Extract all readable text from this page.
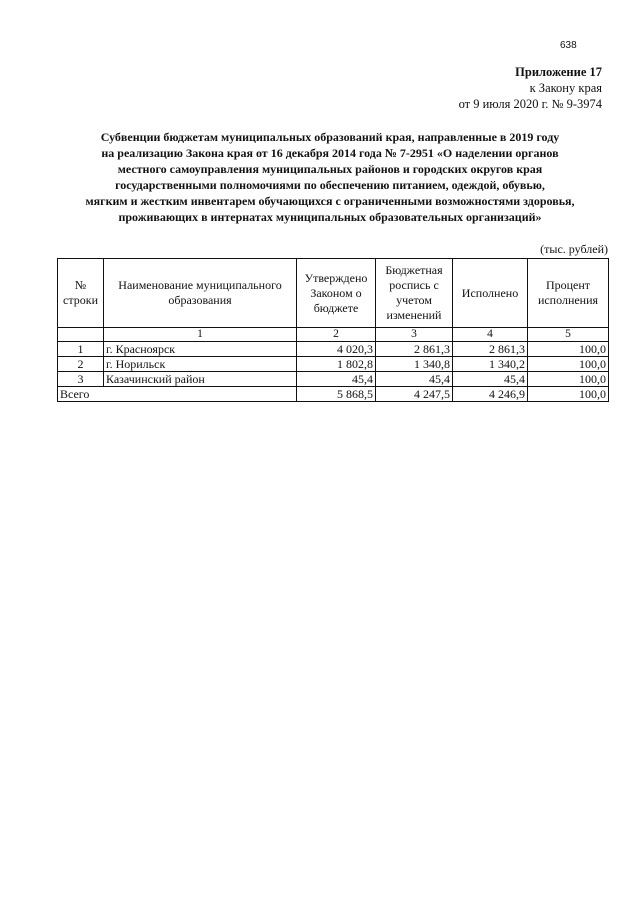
638
Приложение 17
к Закону края
от 9 июля 2020 г. № 9-3974
Субвенции бюджетам муниципальных образований края, направленные в 2019 году
на реализацию Закона края от 16 декабря 2014 года № 7-2951 «О наделении органов
местного самоуправления муниципальных районов и городских округов края
государственными полномочиями по обеспечению питанием, одеждой, обувью,
мягким и жестким инвентарем обучающихся с ограниченными возможностями здоровья,
проживающих в интернатах муниципальных образовательных организаций»
(тыс. рублей)
№ строки	Наименование муниципального образования	Утверждено Законом о бюджете	Бюджетная роспись с учетом изменений	Исполнено	Процент исполнения
	1	2	3	4	5
1	г. Красноярск	4 020,3	2 861,3	2 861,3	100,0
2	г. Норильск	1 802,8	1 340,8	1 340,2	100,0
3	Казачинский район	45,4	45,4	45,4	100,0
Всего		5 868,5	4 247,5	4 246,9	100,0
